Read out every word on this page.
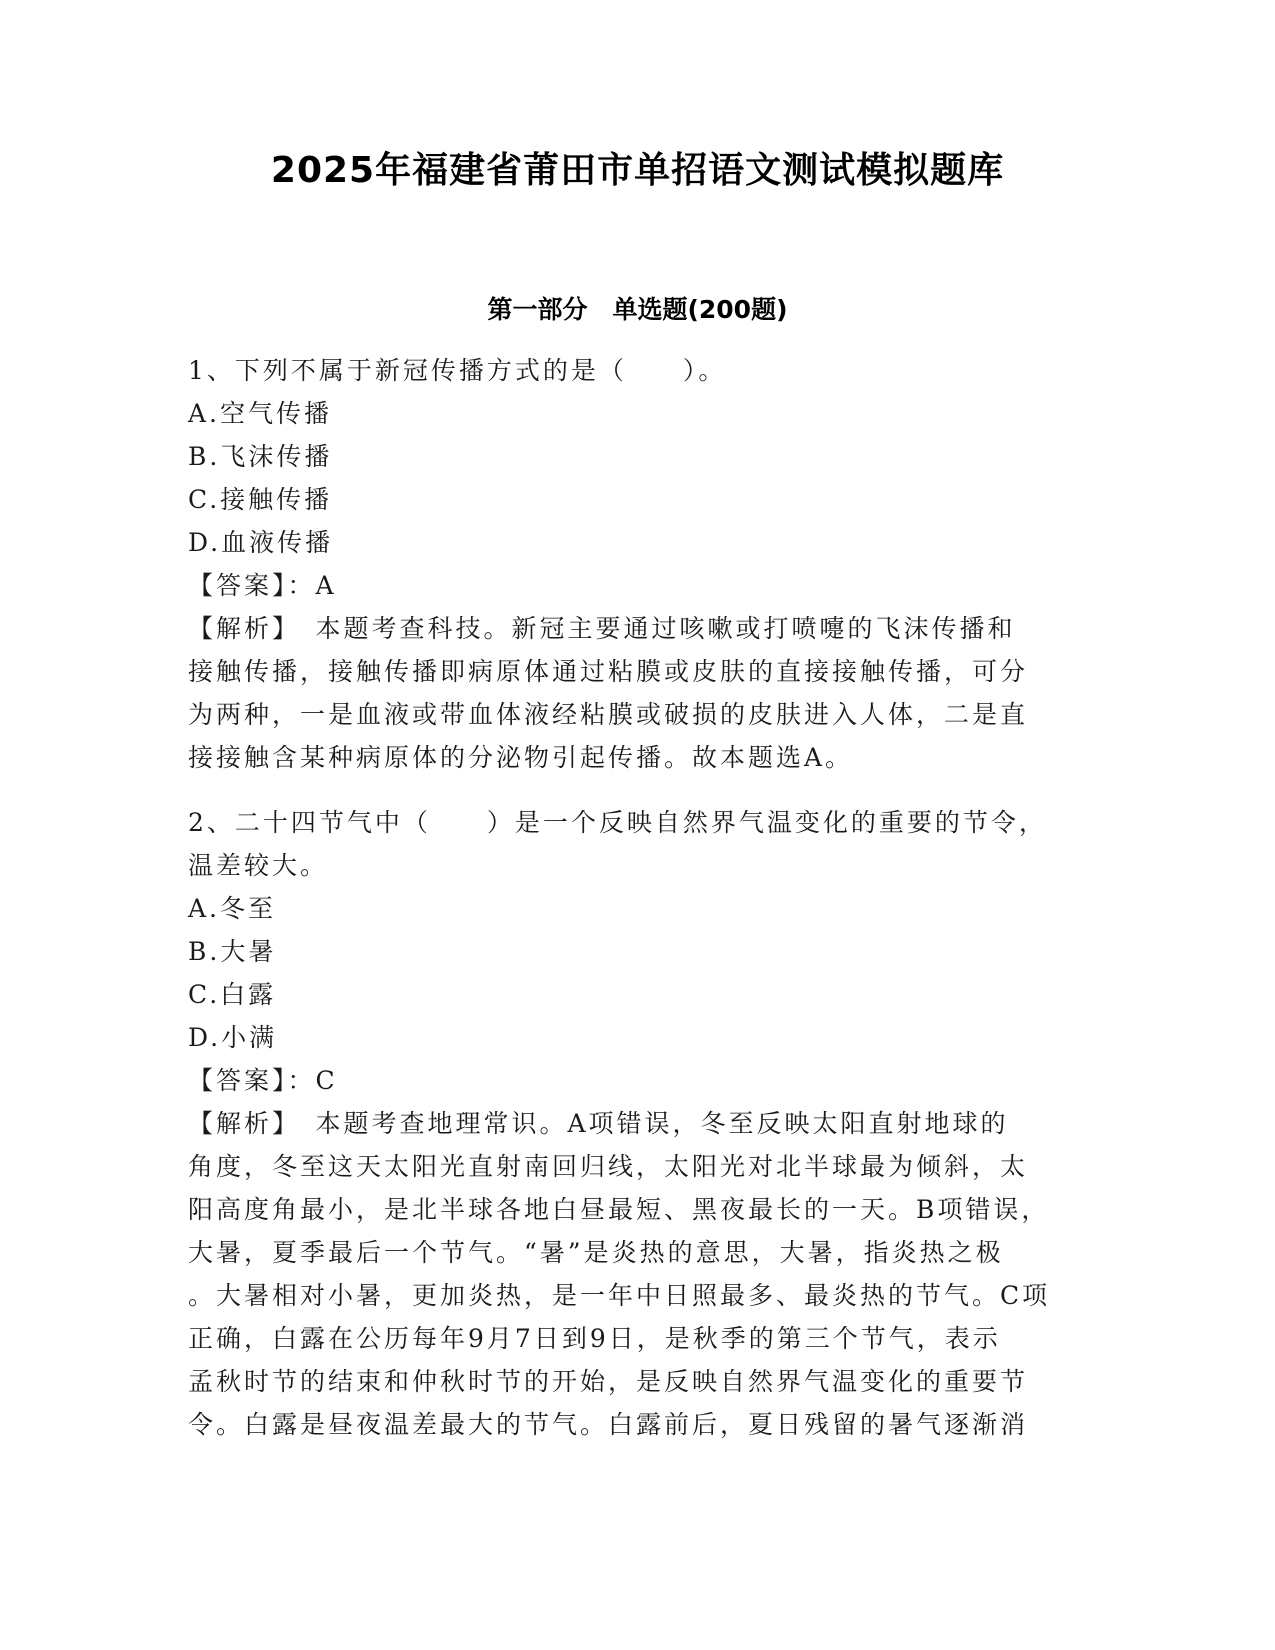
2025年福建省莆田市单招语文测试模拟题库
第一部分　单选题(200题)
1、下列不属于新冠传播方式的是（　　）。
A.空气传播
B.飞沫传播
C.接触传播
D.血液传播
【答案】：A
【解析】　本题考查科技。新冠主要通过咳嗽或打喷嚏的飞沫传播和
接触传播，接触传播即病原体通过粘膜或皮肤的直接接触传播，可分
为两种，一是血液或带血体液经粘膜或破损的皮肤进入人体，二是直
接接触含某种病原体的分泌物引起传播。故本题选A。
2、二十四节气中（　　）是一个反映自然界气温变化的重要的节令，
温差较大。
A.冬至
B.大暑
C.白露
D.小满
【答案】：C
【解析】　本题考查地理常识。A项错误，冬至反映太阳直射地球的
角度，冬至这天太阳光直射南回归线，太阳光对北半球最为倾斜，太
阳高度角最小，是北半球各地白昼最短、黑夜最长的一天。B项错误，
大暑，夏季最后一个节气。“暑”是炎热的意思，大暑，指炎热之极
。大暑相对小暑，更加炎热，是一年中日照最多、最炎热的节气。C项
正确，白露在公历每年9月7日到9日，是秋季的第三个节气，表示
孟秋时节的结束和仲秋时节的开始，是反映自然界气温变化的重要节
令。白露是昼夜温差最大的节气。白露前后，夏日残留的暑气逐渐消
